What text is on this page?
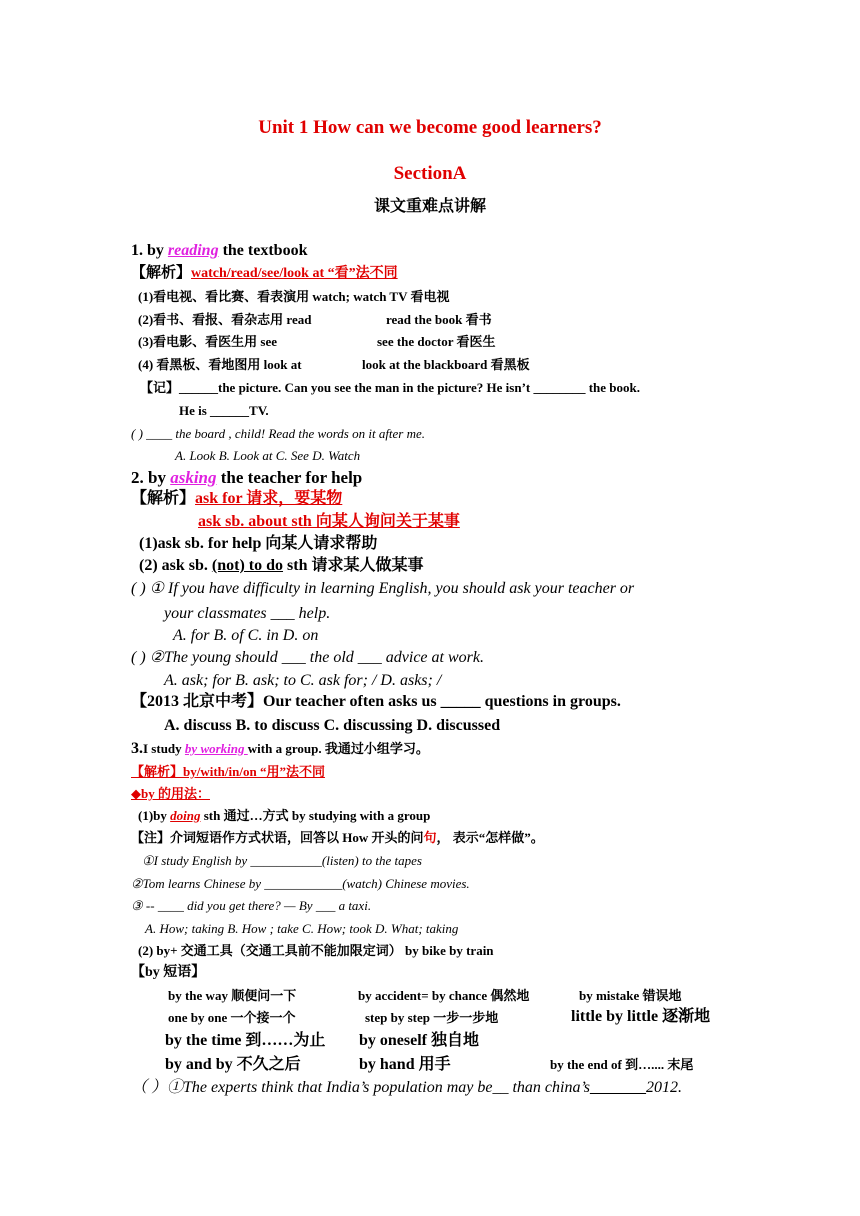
Unit 1 How can we become good learners?
SectionA
课文重难点讲解
1. by reading the textbook
【解析】watch/read/see/look at “看”法不同
(1)看电视、看比赛、看表演用 watch; watch TV 看电视
(2)看书、看报、看杂志用 read	read the book 看书
(3)看电影、看医生用 see	see the doctor 看医生
(4) 看黑板、看地图用 look at	look at the blackboard 看黑板
【记】______the picture. Can you see the man in the picture? He isn’t ________ the book.
He is ______TV.
( ) ____ the board , child! Read the words on it after me.
A. Look B. Look at C. See D. Watch
2. by asking the teacher for help
【解析】ask for 请求，要某物
ask sb. about sth 向某人询问关于某事
(1)ask sb. for help 向某人请求帮助
(2) ask sb. (not) to do sth 请求某人做某事
( ) ① If you have difficulty in learning English, you should ask your teacher or
your classmates ___ help.
A. for B. of C. in D. on
( ) ②The young should ___ the old ___ advice at work.
A. ask; for B. ask; to C. ask for; / D. asks; /
【2013 北京中考】Our teacher often asks us _____ questions in groups.
A. discuss B. to discuss C. discussing D. discussed
3.I study by working with a group. 我通过小组学习。
【解析】by/with/in/on “用”法不同
◆by 的用法：
(1)by doing sth 通过…方式 by studying with a group
【注】介词短语作方式状语，回答以 How 开头的问句， 表示“怎样做”。
①I study English by ___________(listen) to the tapes
②Tom learns Chinese by ____________(watch) Chinese movies.
③ -- ____ did you get there? — By ___ a taxi.
A. How; taking B. How ; take C. How; took D. What; taking
(2) by+ 交通工具（交通工具前不能加限定词） by bike by train
【by 短语】
by the way 顺便问一下	by accident= by chance 偶然地	by mistake 错误地
one by one 一个接一个	step by step 一步一步地	little by little 逐渐地
by the time 到……为止 by oneself 独自地
by and by 不久之后	by hand 用手	by the end of 到….... 末尾
（ ）①The experts think that India’s population may be__ than china’s_______2012.
